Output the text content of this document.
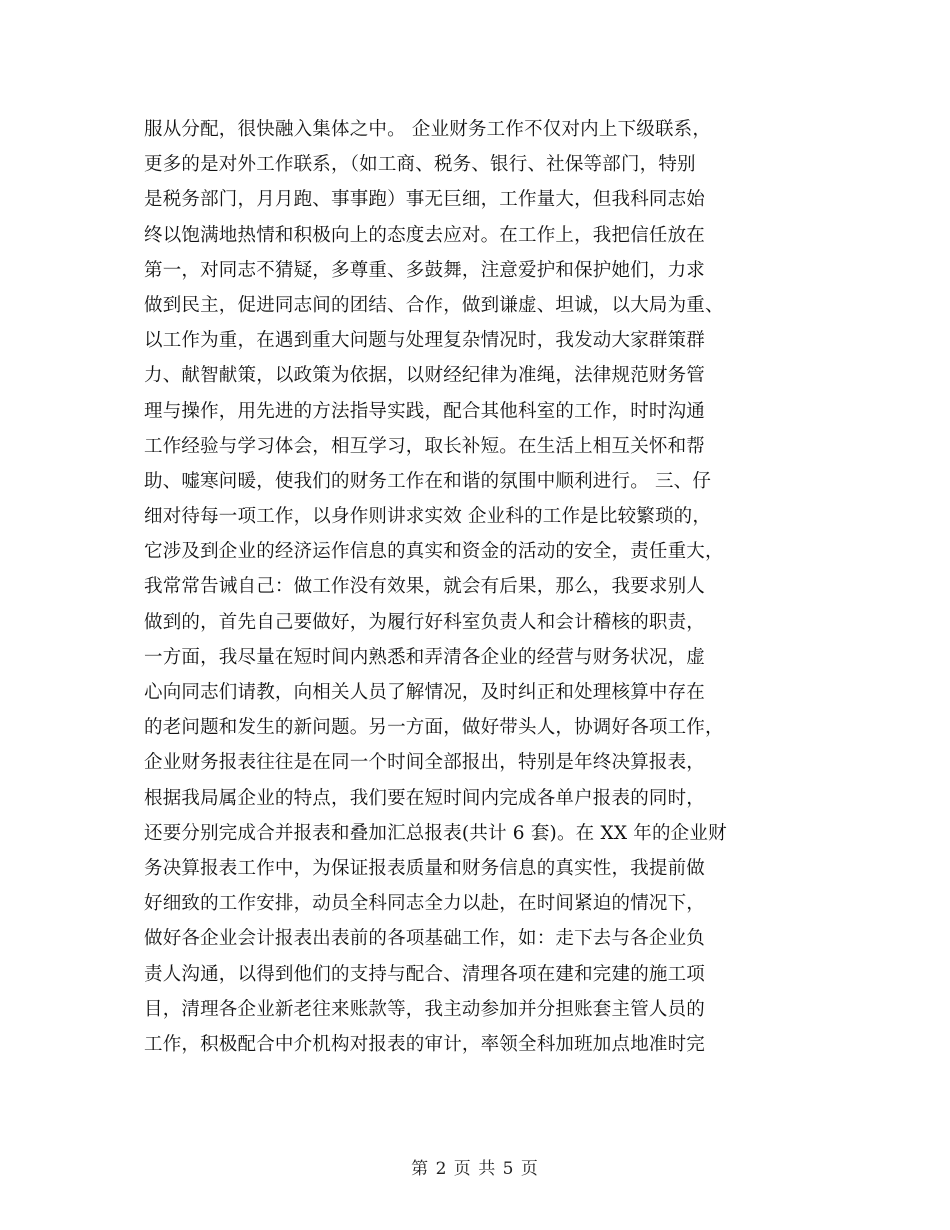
服从分配，很快融入集体之中。 企业财务工作不仅对内上下级联系，
更多的是对外工作联系，（如工商、税务、银行、社保等部门，特别
是税务部门，月月跑、事事跑）事无巨细，工作量大，但我科同志始
终以饱满地热情和积极向上的态度去应对。在工作上，我把信任放在
第一，对同志不猜疑，多尊重、多鼓舞，注意爱护和保护她们，力求
做到民主，促进同志间的团结、合作，做到谦虚、坦诚，以大局为重、
以工作为重，在遇到重大问题与处理复杂情况时，我发动大家群策群
力、献智献策，以政策为依据，以财经纪律为准绳，法律规范财务管
理与操作，用先进的方法指导实践，配合其他科室的工作，时时沟通
工作经验与学习体会，相互学习，取长补短。在生活上相互关怀和帮
助、嘘寒问暖，使我们的财务工作在和谐的氛围中顺利进行。 三、仔
细对待每一项工作，以身作则讲求实效 企业科的工作是比较繁琐的，
它涉及到企业的经济运作信息的真实和资金的活动的安全，责任重大，
我常常告诫自己：做工作没有效果，就会有后果，那么，我要求别人
做到的，首先自己要做好，为履行好科室负责人和会计稽核的职责，
一方面，我尽量在短时间内熟悉和弄清各企业的经营与财务状况，虚
心向同志们请教，向相关人员了解情况，及时纠正和处理核算中存在
的老问题和发生的新问题。另一方面，做好带头人，协调好各项工作，
企业财务报表往往是在同一个时间全部报出，特别是年终决算报表，
根据我局属企业的特点，我们要在短时间内完成各单户报表的同时，
还要分别完成合并报表和叠加汇总报表(共计 6 套)。在 XX 年的企业财
务决算报表工作中，为保证报表质量和财务信息的真实性，我提前做
好细致的工作安排，动员全科同志全力以赴，在时间紧迫的情况下，
做好各企业会计报表出表前的各项基础工作，如：走下去与各企业负
责人沟通，以得到他们的支持与配合、清理各项在建和完建的施工项
目，清理各企业新老往来账款等，我主动参加并分担账套主管人员的
工作，积极配合中介机构对报表的审计，率领全科加班加点地准时完
第 2 页 共 5 页
